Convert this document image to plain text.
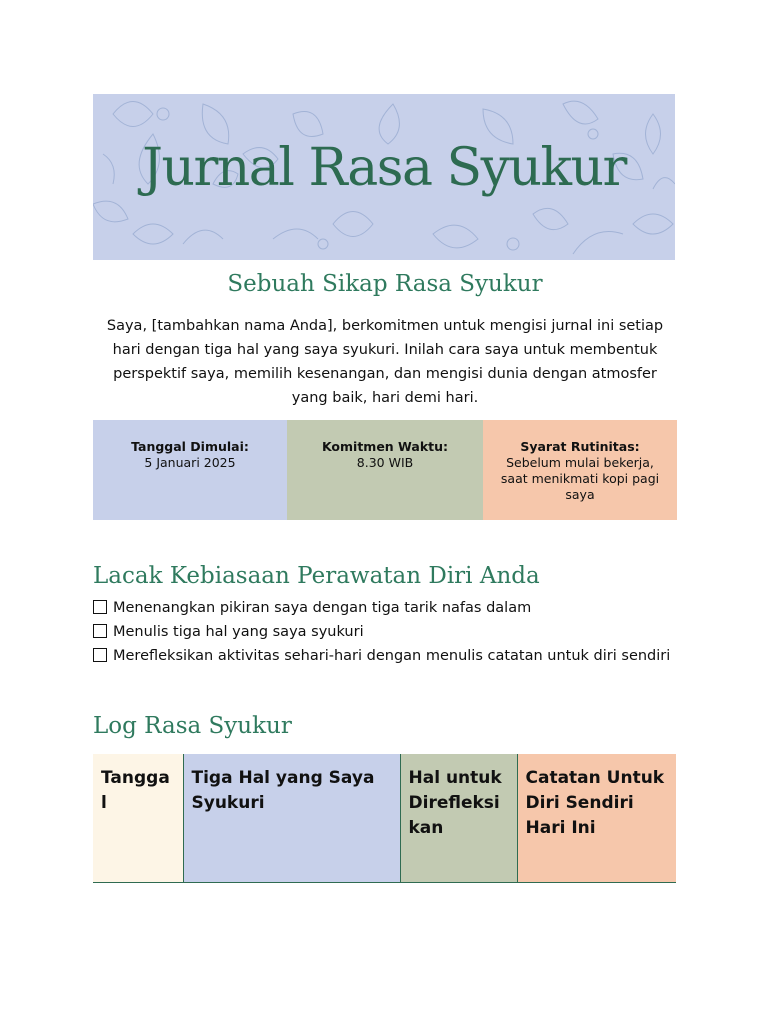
Jurnal Rasa Syukur
Sebuah Sikap Rasa Syukur
Saya, [tambahkan nama Anda], berkomitmen untuk mengisi jurnal ini setiap hari dengan tiga hal yang saya syukuri. Inilah cara saya untuk membentuk perspektif saya, memilih kesenangan, dan mengisi dunia dengan atmosfer yang baik, hari demi hari.
Tanggal Dimulai:
5 Januari 2025
Komitmen Waktu:
8.30 WIB
Syarat Rutinitas:
Sebelum mulai bekerja, saat menikmati kopi pagi saya
Lacak Kebiasaan Perawatan Diri Anda
Menenangkan pikiran saya dengan tiga tarik nafas dalam
Menulis tiga hal yang saya syukuri
Merefleksikan aktivitas sehari-hari dengan menulis catatan untuk diri sendiri
Log Rasa Syukur
Tanggal	Tiga Hal yang Saya Syukuri	Hal untuk Direfleksikan	Catatan Untuk Diri Sendiri Hari Ini
